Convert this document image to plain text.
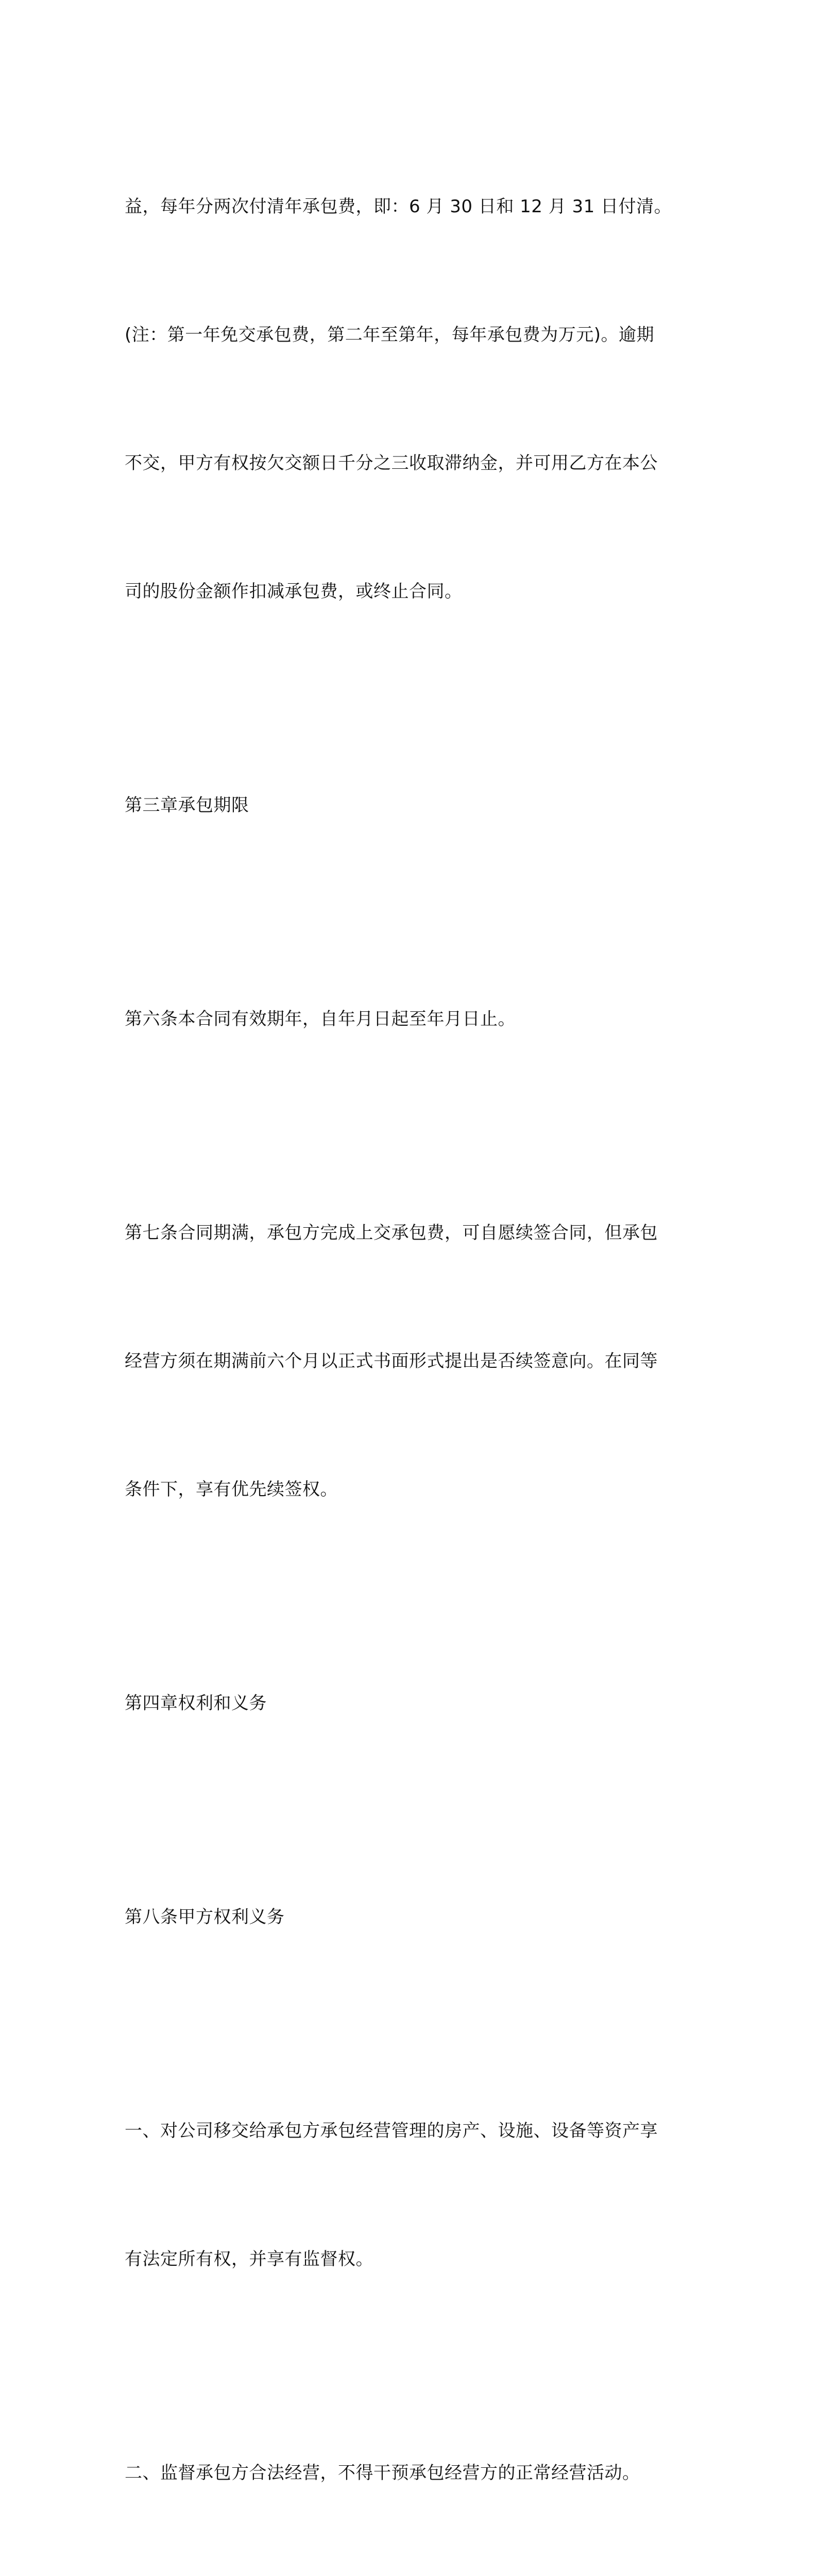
益，每年分两次付清年承包费，即：6 月 30 日和 12 月 31 日付清。

(注：第一年免交承包费，第二年至第年，每年承包费为万元)。逾期

不交，甲方有权按欠交额日千分之三收取滞纳金，并可用乙方在本公

司的股份金额作扣减承包费，或终止合同。

第三章承包期限

第六条本合同有效期年，自年月日起至年月日止。

第七条合同期满，承包方完成上交承包费，可自愿续签合同，但承包

经营方须在期满前六个月以正式书面形式提出是否续签意向。在同等

条件下，享有优先续签权。

第四章权利和义务

第八条甲方权利义务

一、对公司移交给承包方承包经营管理的房产、设施、设备等资产享

有法定所有权，并享有监督权。

二、监督承包方合法经营，不得干预承包经营方的正常经营活动。
